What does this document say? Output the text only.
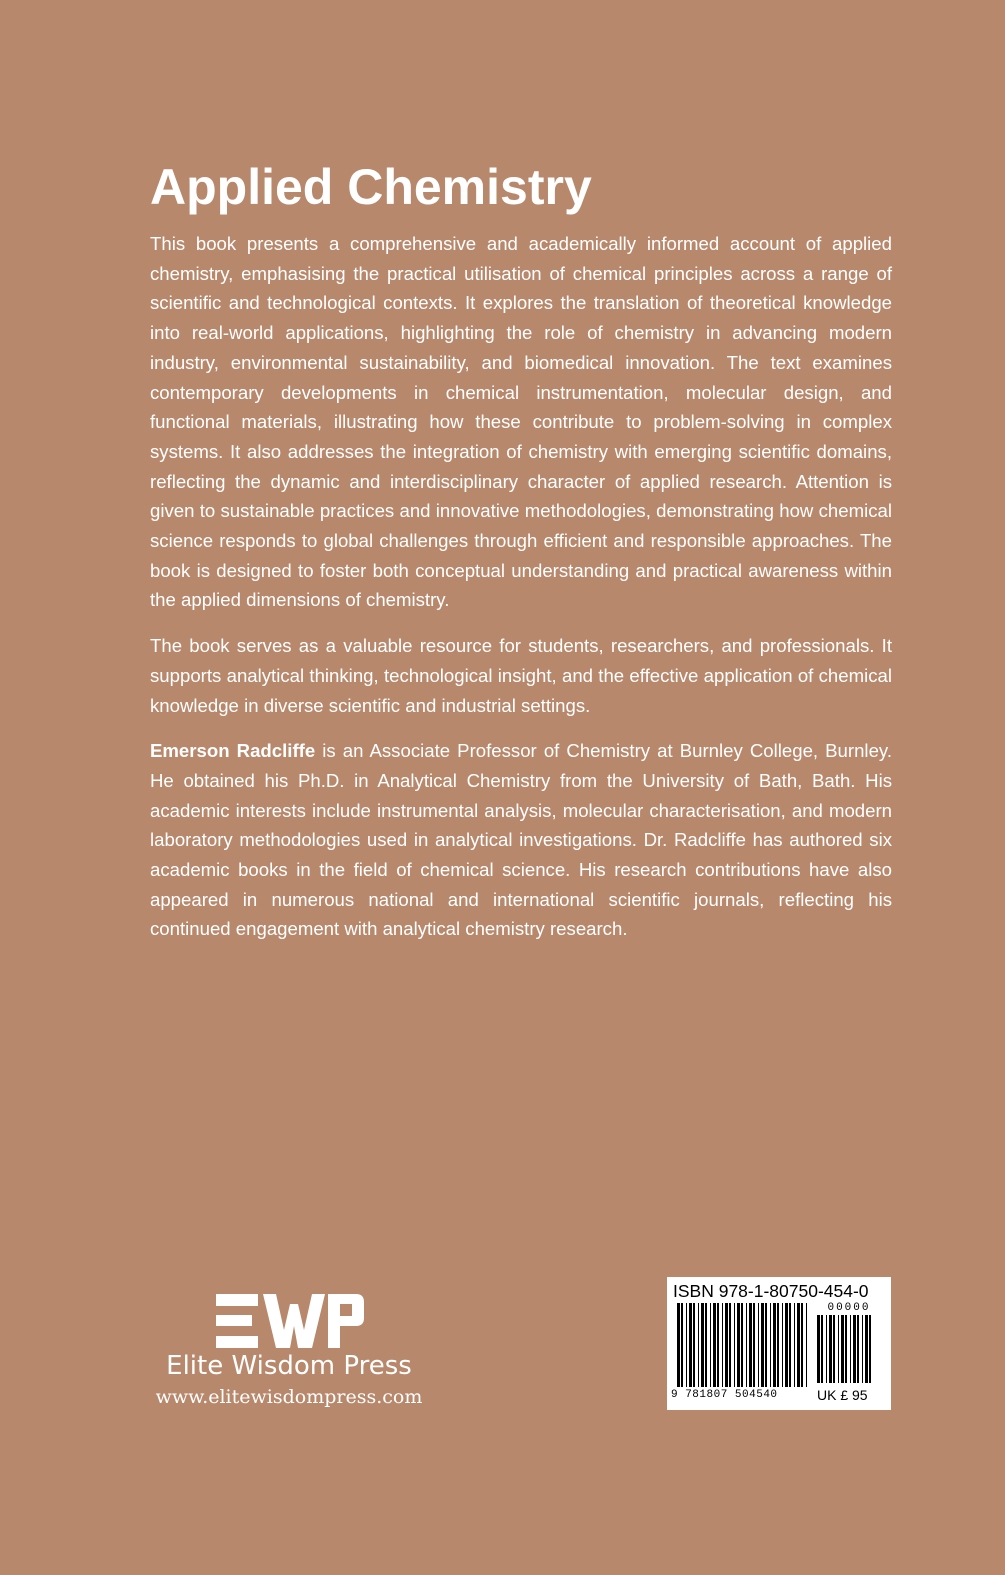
Applied Chemistry

This book presents a comprehensive and academically informed account of applied chemistry, emphasising the practical utilisation of chemical principles across a range of scientific and technological contexts. It explores the translation of theoretical knowledge into real-world applications, highlighting the role of chemistry in advancing modern industry, environmental sustainability, and biomedical innovation. The text examines contemporary developments in chemical instrumentation, molecular design, and functional materials, illustrating how these contribute to problem-solving in complex systems. It also addresses the integration of chemistry with emerging scientific domains, reflecting the dynamic and interdisciplinary character of applied research. Attention is given to sustainable practices and innovative methodologies, demonstrating how chemical science responds to global challenges through efficient and responsible approaches. The book is designed to foster both conceptual understanding and practical awareness within the applied dimensions of chemistry.

The book serves as a valuable resource for students, researchers, and professionals. It supports analytical thinking, technological insight, and the effective application of chemical knowledge in diverse scientific and industrial settings.

Emerson Radcliffe is an Associate Professor of Chemistry at Burnley College, Burnley. He obtained his Ph.D. in Analytical Chemistry from the University of Bath, Bath. His academic interests include instrumental analysis, molecular characterisation, and modern laboratory methodologies used in analytical investigations. Dr. Radcliffe has authored six academic books in the field of chemical science. His research contributions have also appeared in numerous national and international scientific journals, reflecting his continued engagement with analytical chemistry research.

Elite Wisdom Press
www.elitewisdompress.com
ISBN 978-1-80750-454-0
00000
9 781807 504540	UK £ 95
